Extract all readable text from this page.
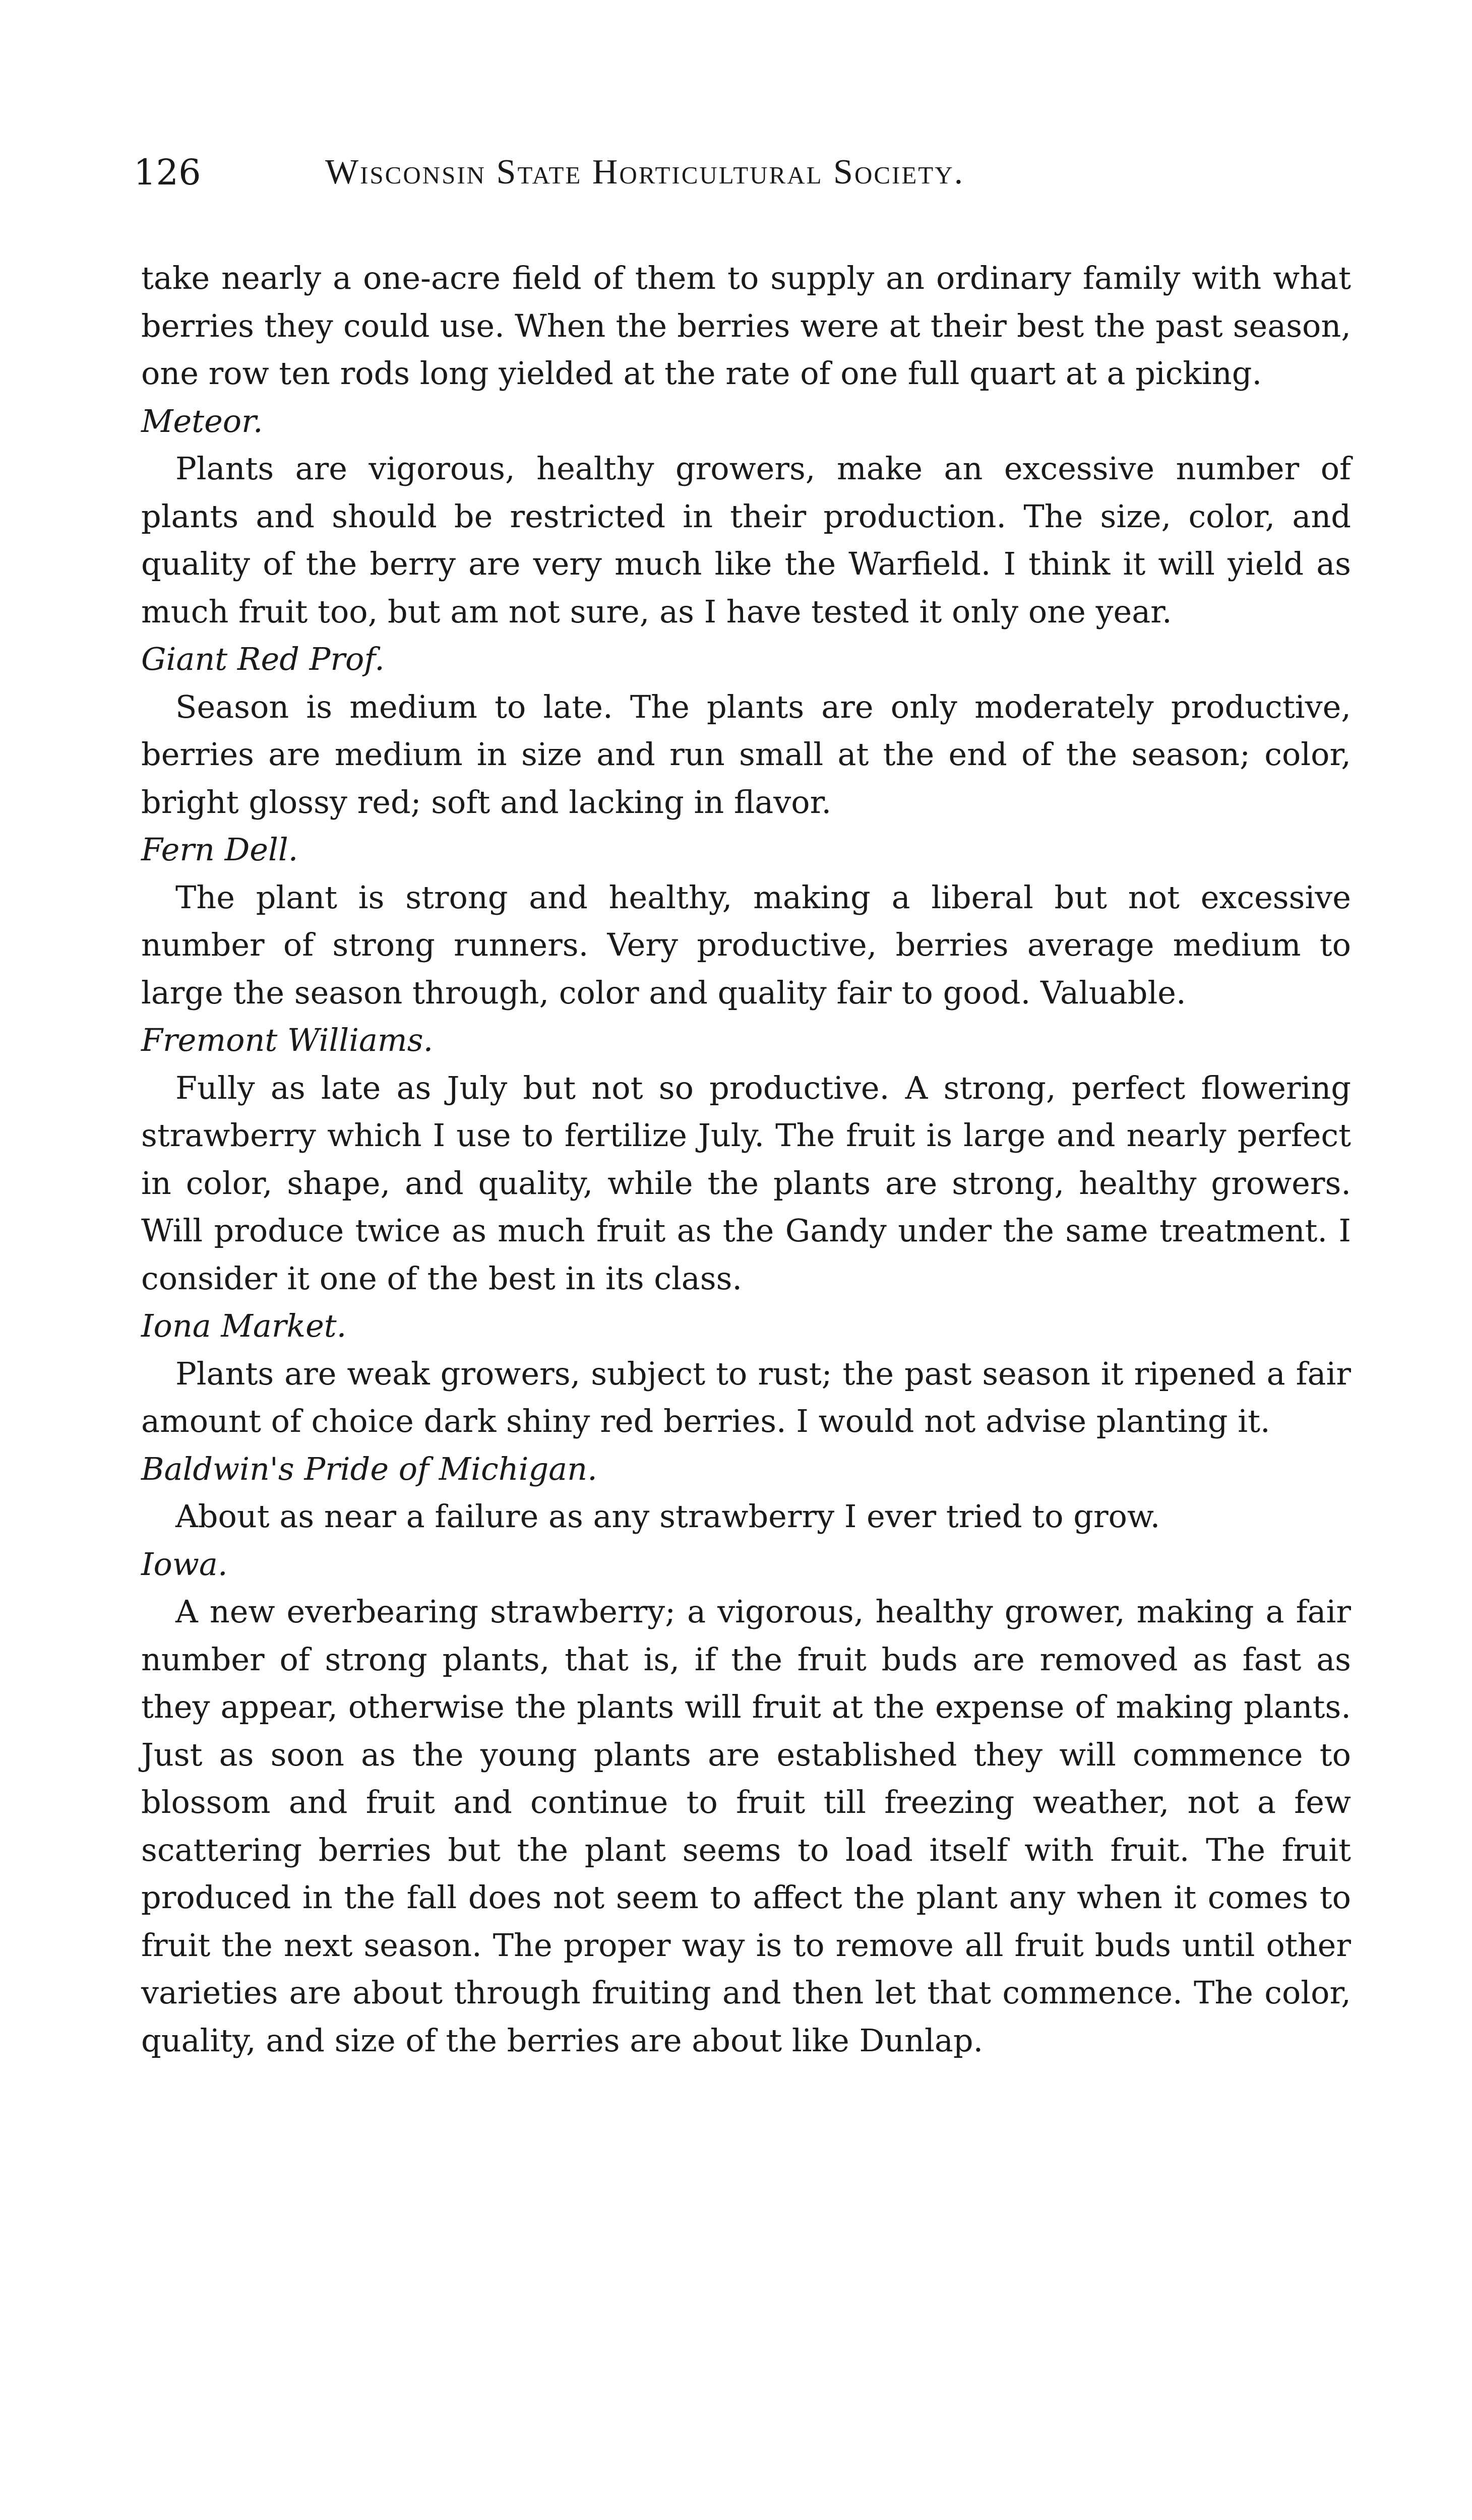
126	Wisconsin State Horticultural Society.

take nearly a one-acre field of them to supply an ordinary family with what berries they could use. When the berries were at their best the past season, one row ten rods long yielded at the rate of one full quart at a picking.

Meteor.

Plants are vigorous, healthy growers, make an excessive number of plants and should be restricted in their production. The size, color, and quality of the berry are very much like the Warfield. I think it will yield as much fruit too, but am not sure, as I have tested it only one year.

Giant Red Prof.

Season is medium to late. The plants are only moderately productive, berries are medium in size and run small at the end of the season; color, bright glossy red; soft and lacking in flavor.

Fern Dell.

The plant is strong and healthy, making a liberal but not excessive number of strong runners. Very productive, berries average medium to large the season through, color and quality fair to good. Valuable.

Fremont Williams.

Fully as late as July but not so productive. A strong, perfect flowering strawberry which I use to fertilize July. The fruit is large and nearly perfect in color, shape, and quality, while the plants are strong, healthy growers. Will produce twice as much fruit as the Gandy under the same treatment. I consider it one of the best in its class.

Iona Market.

Plants are weak growers, subject to rust; the past season it ripened a fair amount of choice dark shiny red berries. I would not advise planting it.

Baldwin's Pride of Michigan.

About as near a failure as any strawberry I ever tried to grow.

Iowa.

A new everbearing strawberry; a vigorous, healthy grower, making a fair number of strong plants, that is, if the fruit buds are removed as fast as they appear, otherwise the plants will fruit at the expense of making plants. Just as soon as the young plants are established they will commence to blossom and fruit and continue to fruit till freezing weather, not a few scattering berries but the plant seems to load itself with fruit. The fruit produced in the fall does not seem to affect the plant any when it comes to fruit the next season. The proper way is to remove all fruit buds until other varieties are about through fruiting and then let that commence. The color, quality, and size of the berries are about like Dunlap.
